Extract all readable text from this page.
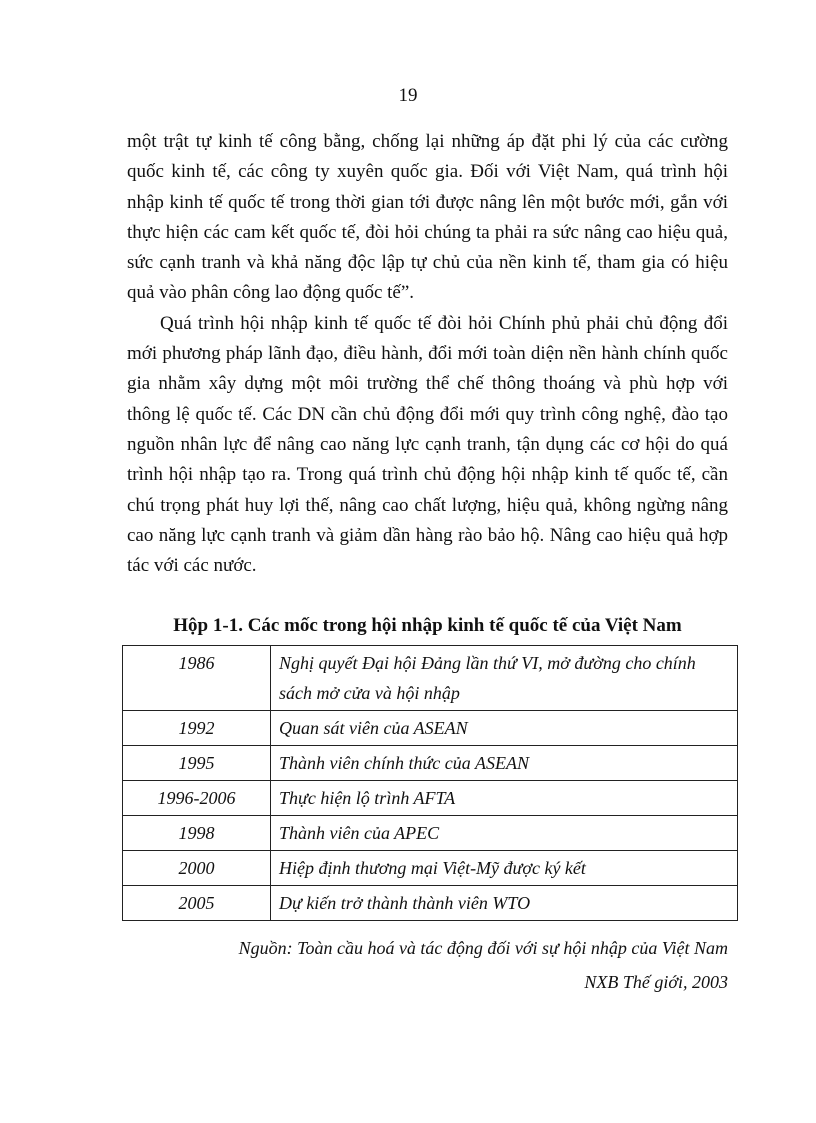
19

một trật tự kinh tế công bằng, chống lại những áp đặt phi lý của các cường quốc kinh tế, các công ty xuyên quốc gia. Đối với Việt Nam, quá trình hội nhập kinh tế quốc tế trong thời gian tới được nâng lên một bước mới, gắn với thực hiện các cam kết quốc tế, đòi hỏi chúng ta phải ra sức nâng cao hiệu quả, sức cạnh tranh và khả năng độc lập tự chủ của nền kinh tế, tham gia có hiệu quả vào phân công lao động quốc tế”.

Quá trình hội nhập kinh tế quốc tế đòi hỏi Chính phủ phải chủ động đổi mới phương pháp lãnh đạo, điều hành, đổi mới toàn diện nền hành chính quốc gia nhằm xây dựng một môi trường thể chế thông thoáng và phù hợp với thông lệ quốc tế. Các DN cần chủ động đổi mới quy trình công nghệ, đào tạo nguồn nhân lực để nâng cao năng lực cạnh tranh, tận dụng các cơ hội do quá trình hội nhập tạo ra. Trong quá trình chủ động hội nhập kinh tế quốc tế, cần chú trọng phát huy lợi thế, nâng cao chất lượng, hiệu quả, không ngừng nâng cao năng lực cạnh tranh và giảm dần hàng rào bảo hộ. Nâng cao hiệu quả hợp tác với các nước.

Hộp 1-1. Các mốc trong hội nhập kinh tế quốc tế của Việt Nam
1986	Nghị quyết Đại hội Đảng lần thứ VI, mở đường cho chính sách mở cửa và hội nhập
1992	Quan sát viên của ASEAN
1995	Thành viên chính thức của ASEAN
1996-2006	Thực hiện lộ trình AFTA
1998	Thành viên của APEC
2000	Hiệp định thương mại Việt-Mỹ được ký kết
2005	Dự kiến trở thành thành viên WTO
Nguồn: Toàn cầu hoá và tác động đối với sự hội nhập của Việt Nam
NXB Thế giới, 2003
